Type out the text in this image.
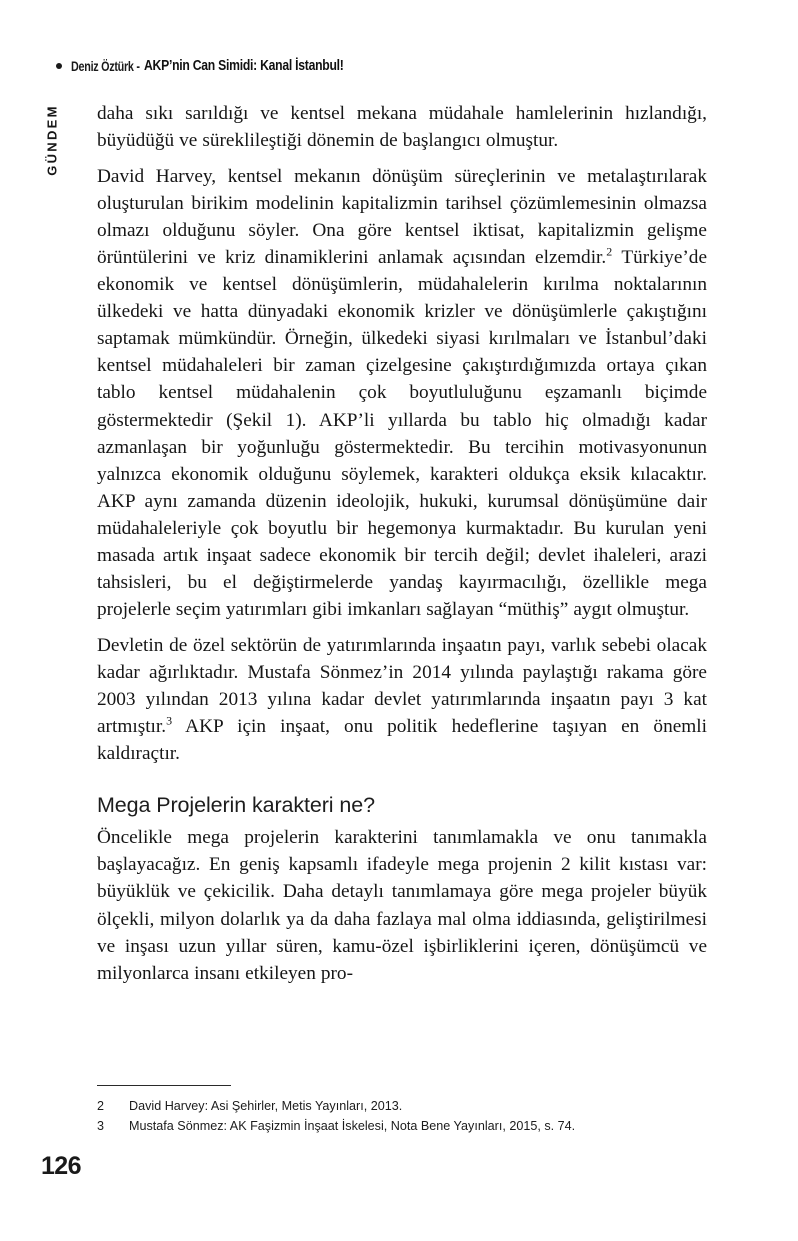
Deniz Öztürk - AKP’nin Can Simidi: Kanal İstanbul!
GÜNDEM daha sıkı sarıldığı ve kentsel mekana müdahale hamlelerinin hızlandığı, büyüdüğü ve süreklileştiği dönemin de başlangıcı olmuştur.

David Harvey, kentsel mekanın dönüşüm süreçlerinin ve metalaştırılarak oluşturulan birikim modelinin kapitalizmin tarihsel çözümlemesinin olmazsa olmazı olduğunu söyler. Ona göre kentsel iktisat, kapitalizmin gelişme örüntülerini ve kriz dinamiklerini anlamak açısından elzemdir.$^2$ Türkiye’de ekonomik ve kentsel dönüşümlerin, müdahalelerin kırılma noktalarının ülkedeki ve hatta dünyadaki ekonomik krizler ve dönüşümlerle çakıştığını saptamak mümkündür. Örneğin, ülkedeki siyasi kırılmaları ve İstanbul’daki kentsel müdahaleleri bir zaman çizelgesine çakıştırdığımızda ortaya çıkan tablo kentsel müdahalenin çok boyutluluğunu eşzamanlı biçimde göstermektedir (Şekil 1). AKP’li yıllarda bu tablo hiç olmadığı kadar azmanlaşan bir yoğunluğu göstermektedir. Bu tercihin motivasyonunun yalnızca ekonomik olduğunu söylemek, karakteri oldukça eksik kılacaktır. AKP aynı zamanda düzenin ideolojik, hukuki, kurumsal dönüşümüne dair müdahaleleriyle çok boyutlu bir hegemonya kurmaktadır. Bu kurulan yeni masada artık inşaat sadece ekonomik bir tercih değil; devlet ihaleleri, arazi tahsisleri, bu el değiştirmelerde yandaş kayırmacılığı, özellikle mega projelerle seçim yatırımları gibi imkanları sağlayan “müthiş” aygıt olmuştur.

Devletin de özel sektörün de yatırımlarında inşaatın payı, varlık sebebi olacak kadar ağırlıktadır. Mustafa Sönmez’in 2014 yılında paylaştığı rakama göre 2003 yılından 2013 yılına kadar devlet yatırımlarında inşaatın payı 3 kat artmıştır.$^3$ AKP için inşaat, onu politik hedeflerine taşıyan en önemli kaldıraçtır.

Mega Projelerin karakteri ne?

Öncelikle mega projelerin karakterini tanımlamakla ve onu tanımakla başlayacağız. En geniş kapsamlı ifadeyle mega projenin 2 kilit kıstası var: büyüklük ve çekicilik. Daha detaylı tanımlamaya göre mega projeler büyük ölçekli, milyon dolarlık ya da daha fazlaya mal olma iddiasında, geliştirilmesi ve inşası uzun yıllar süren, kamu-özel işbirliklerini içeren, dönüşümcü ve milyonlarca insanı etkileyen pro-

2	David Harvey: Asi Şehirler, Metis Yayınları, 2013.
3	Mustafa Sönmez: AK Faşizmin İnşaat İskelesi, Nota Bene Yayınları, 2015, s. 74.
126
